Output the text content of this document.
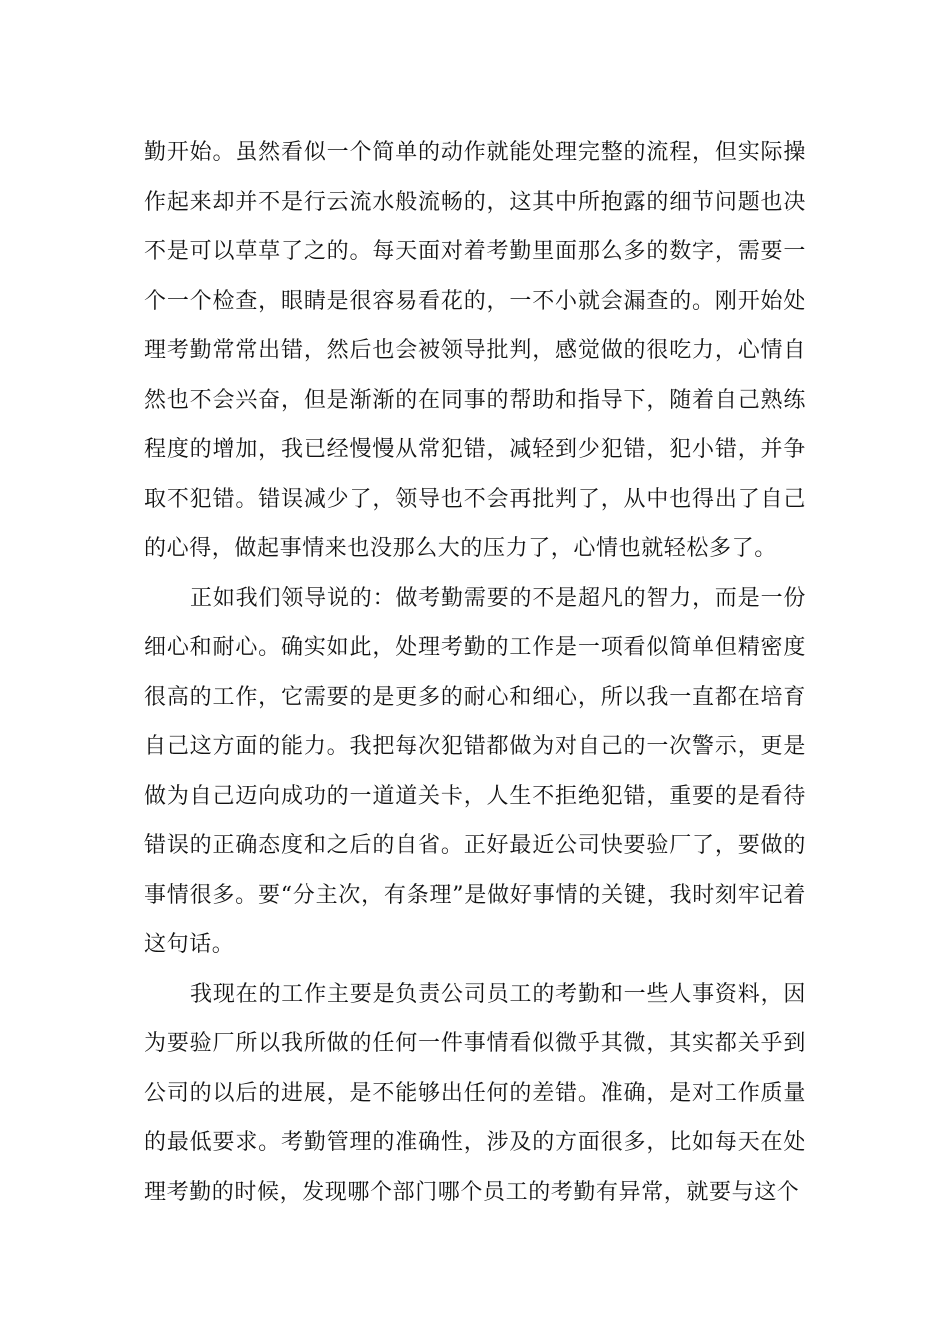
勤开始。虽然看似一个简单的动作就能处理完整的流程，但实际操作起来却并不是行云流水般流畅的，这其中所抱露的细节问题也决不是可以草草了之的。每天面对着考勤里面那么多的数字，需要一个一个检查，眼睛是很容易看花的，一不小就会漏查的。刚开始处理考勤常常出错，然后也会被领导批判，感觉做的很吃力，心情自然也不会兴奋，但是渐渐的在同事的帮助和指导下，随着自己熟练程度的增加，我已经慢慢从常犯错，减轻到少犯错，犯小错，并争取不犯错。错误减少了，领导也不会再批判了，从中也得出了自己的心得，做起事情来也没那么大的压力了，心情也就轻松多了。

正如我们领导说的：做考勤需要的不是超凡的智力，而是一份细心和耐心。确实如此，处理考勤的工作是一项看似简单但精密度很高的工作，它需要的是更多的耐心和细心，所以我一直都在培育自己这方面的能力。我把每次犯错都做为对自己的一次警示，更是做为自己迈向成功的一道道关卡，人生不拒绝犯错，重要的是看待错误的正确态度和之后的自省。正好最近公司快要验厂了，要做的事情很多。要“分主次，有条理”是做好事情的关键，我时刻牢记着这句话。

我现在的工作主要是负责公司员工的考勤和一些人事资料，因为要验厂所以我所做的任何一件事情看似微乎其微，其实都关乎到公司的以后的进展，是不能够出任何的差错。准确，是对工作质量的最低要求。考勤管理的准确性，涉及的方面很多，比如每天在处理考勤的时候，发现哪个部门哪个员工的考勤有异常，就要与这个
